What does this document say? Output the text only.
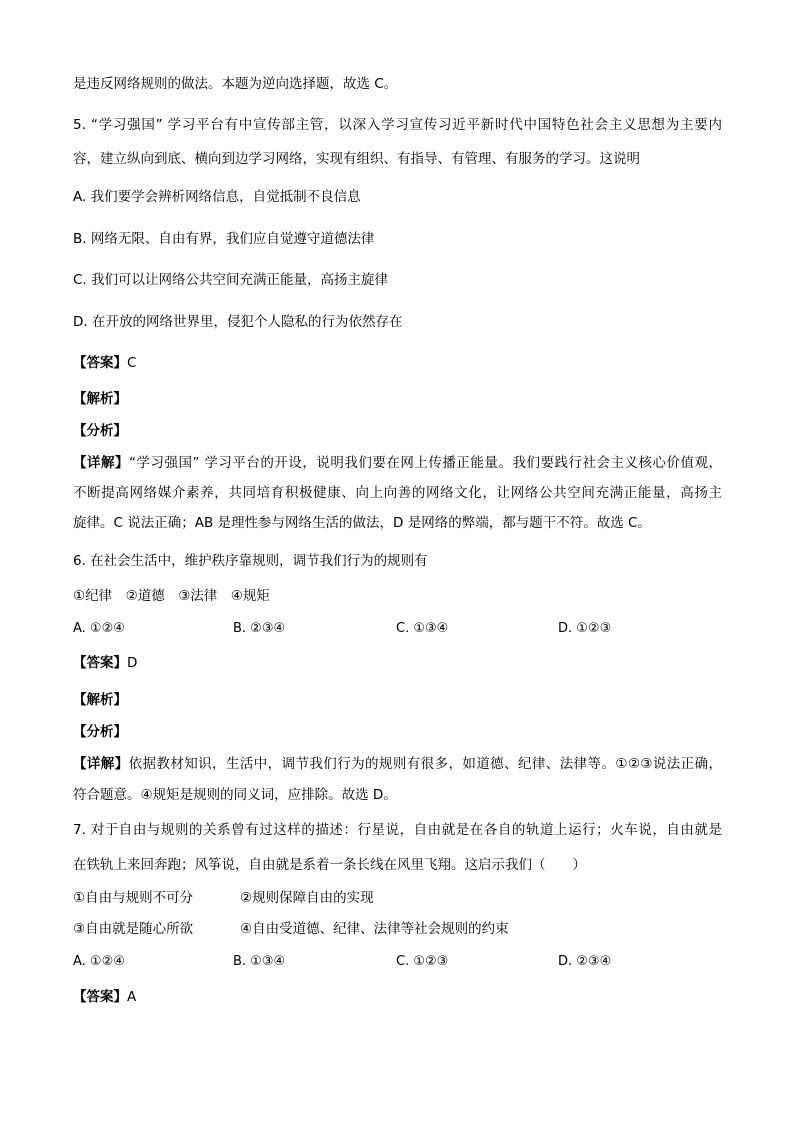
是违反网络规则的做法。本题为逆向选择题，故选 C。
5. “学习强国” 学习平台有中宣传部主管，以深入学习宣传习近平新时代中国特色社会主义思想为主要内
容，建立纵向到底、横向到边学习网络，实现有组织、有指导、有管理、有服务的学习。这说明
A. 我们要学会辨析网络信息，自觉抵制不良信息
B. 网络无限、自由有界，我们应自觉遵守道德法律
C. 我们可以让网络公共空间充满正能量，高扬主旋律
D. 在开放的网络世界里，侵犯个人隐私的行为依然存在
【答案】C
【解析】
【分析】
【详解】“学习强国” 学习平台的开设，说明我们要在网上传播正能量。我们要践行社会主义核心价值观，
不断提高网络媒介素养，共同培育积极健康、向上向善的网络文化，让网络公共空间充满正能量，高扬主
旋律。C 说法正确；AB 是理性参与网络生活的做法，D 是网络的弊端，都与题干不符。故选 C。
6. 在社会生活中，维护秩序靠规则，调节我们行为的规则有
①纪律　②道德　③法律　④规矩
A. ①②④	B. ②③④	C. ①③④	D. ①②③
【答案】D
【解析】
【分析】
【详解】依据教材知识，生活中，调节我们行为的规则有很多，如道德、纪律、法律等。①②③说法正确，
符合题意。④规矩是规则的同义词，应排除。故选 D。
7. 对于自由与规则的关系曾有过这样的描述：行星说，自由就是在各自的轨道上运行；火车说，自由就是
在铁轨上来回奔跑；风筝说，自由就是系着一条长线在风里飞翔。这启示我们（　　）
①自由与规则不可分	②规则保障自由的实现
③自由就是随心所欲	④自由受道德、纪律、法律等社会规则的约束
A. ①②④	B. ①③④	C. ①②③	D. ②③④
【答案】A
